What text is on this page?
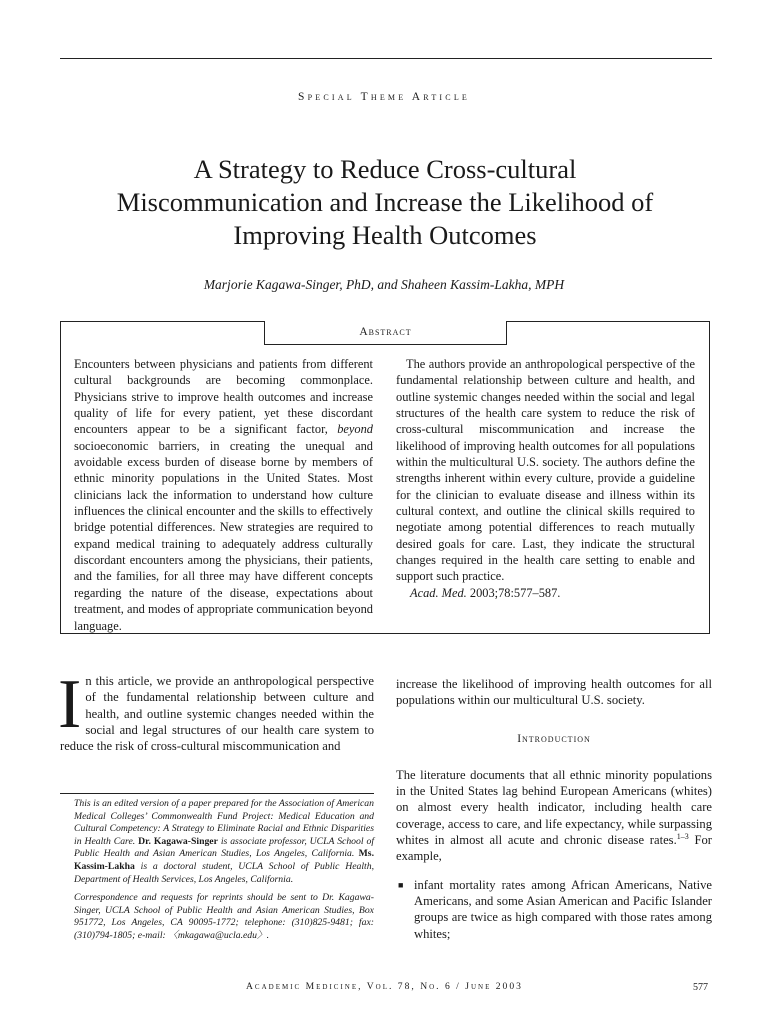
Special Theme Article
A Strategy to Reduce Cross-cultural Miscommunication and Increase the Likelihood of Improving Health Outcomes
Marjorie Kagawa-Singer, PhD, and Shaheen Kassim-Lakha, MPH
Abstract

Encounters between physicians and patients from different cultural backgrounds are becoming commonplace. Physicians strive to improve health outcomes and increase quality of life for every patient, yet these discordant encounters appear to be a significant factor, beyond socioeconomic barriers, in creating the unequal and avoidable excess burden of disease borne by members of ethnic minority populations in the United States. Most clinicians lack the information to understand how culture influences the clinical encounter and the skills to effectively bridge potential differences. New strategies are required to expand medical training to adequately address culturally discordant encounters among the physicians, their patients, and the families, for all three may have different concepts regarding the nature of the disease, expectations about treatment, and modes of appropriate communication beyond language.

The authors provide an anthropological perspective of the fundamental relationship between culture and health, and outline systemic changes needed within the social and legal structures of the health care system to reduce the risk of cross-cultural miscommunication and increase the likelihood of improving health outcomes for all populations within the multicultural U.S. society. The authors define the strengths inherent within every culture, provide a guideline for the clinician to evaluate disease and illness within its cultural context, and outline the clinical skills required to negotiate among potential differences to reach mutually desired goals for care. Last, they indicate the structural changes required in the health care setting to enable and support such practice.

Acad. Med. 2003;78:577–587.

In this article, we provide an anthropological perspective of the fundamental relationship between culture and health, and outline systemic changes needed within the social and legal structures of our health care system to reduce the risk of cross-cultural miscommunication and

This is an edited version of a paper prepared for the Association of American Medical Colleges’ Commonwealth Fund Project: Medical Education and Cultural Competency: A Strategy to Eliminate Racial and Ethnic Disparities in Health Care. Dr. Kagawa-Singer is associate professor, UCLA School of Public Health and Asian American Studies, Los Angeles, California. Ms. Kassim-Lakha is a doctoral student, UCLA School of Public Health, Department of Health Services, Los Angeles, California.

Correspondence and requests for reprints should be sent to Dr. Kagawa-Singer, UCLA School of Public Health and Asian American Studies, Box 951772, Los Angeles, CA 90095-1772; telephone: (310)825-9481; fax: (310)794-1805; e-mail: 〈mkagawa@ucla.edu〉.

increase the likelihood of improving health outcomes for all populations within our multicultural U.S. society.

Introduction

The literature documents that all ethnic minority populations in the United States lag behind European Americans (whites) on almost every health indicator, including health care coverage, access to care, and life expectancy, while surpassing whites in almost all acute and chronic disease rates.$^{1-3}$ For example,

■ infant mortality rates among African Americans, Native Americans, and some Asian American and Pacific Islander groups are twice as high compared with those rates among whites;
Academic Medicine, Vol. 78, No. 6 / June 2003	577
